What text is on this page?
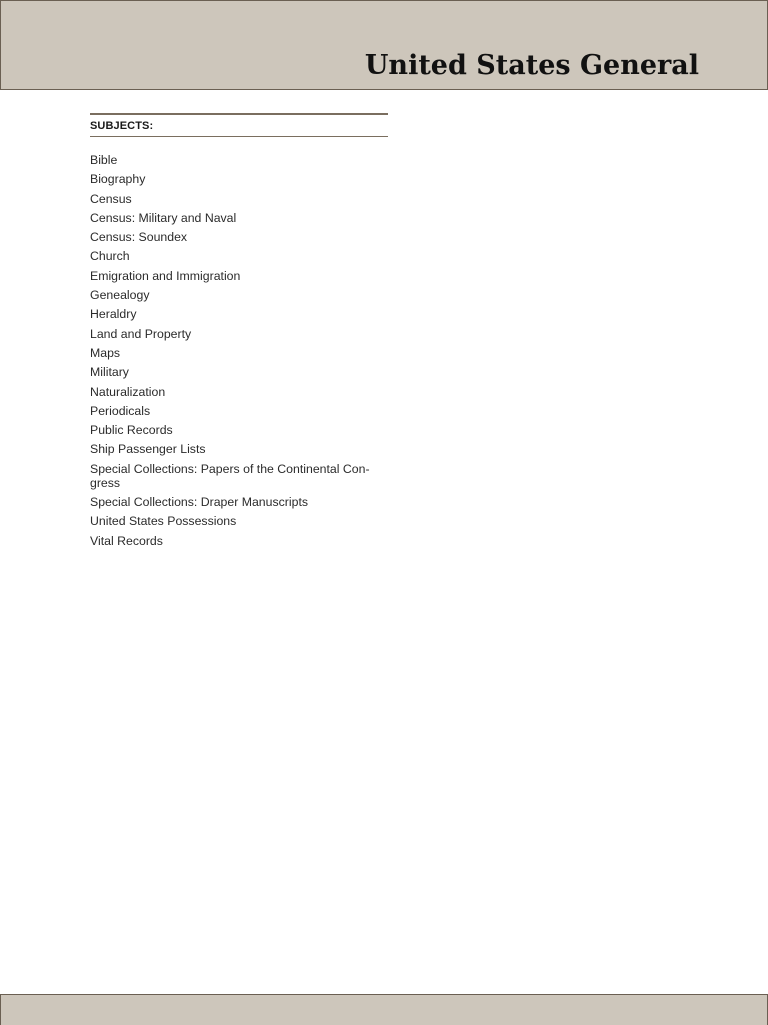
United States General
SUBJECTS:
Bible
Biography
Census
Census: Military and Naval
Census: Soundex
Church
Emigration and Immigration
Genealogy
Heraldry
Land and Property
Maps
Military
Naturalization
Periodicals
Public Records
Ship Passenger Lists
Special Collections: Papers of the Continental Con-
gress
Special Collections: Draper Manuscripts
United States Possessions
Vital Records
